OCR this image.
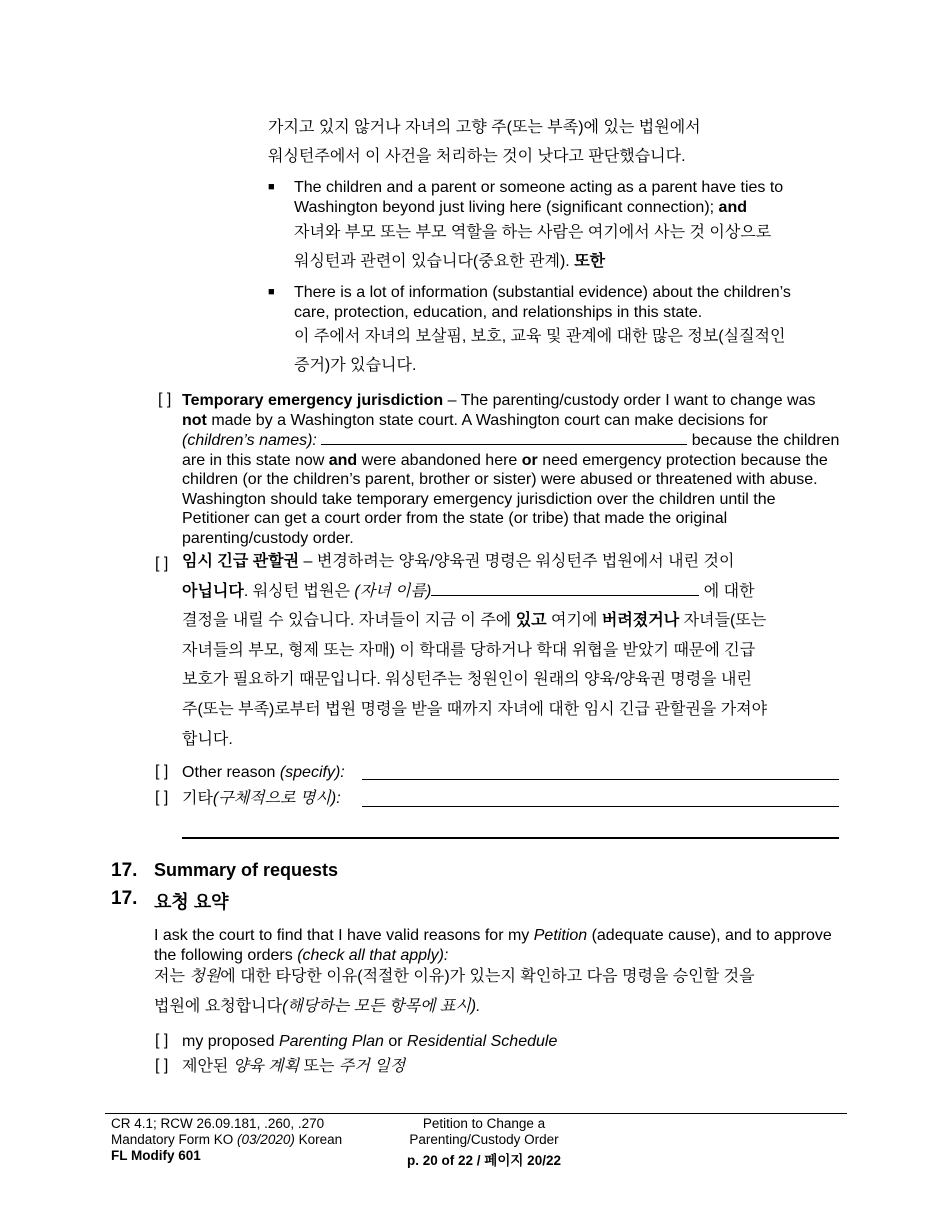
가지고 있지 않거나 자녀의 고향 주(또는 부족)에 있는 법원에서
워싱턴주에서 이 사건을 처리하는 것이 낫다고 판단했습니다.
■ The children and a parent or someone acting as a parent have ties to Washington beyond just living here (significant connection); and
자녀와 부모 또는 부모 역할을 하는 사람은 여기에서 사는 것 이상으로
워싱턴과 관련이 있습니다(중요한 관계). 또한
■ There is a lot of information (substantial evidence) about the children’s care, protection, education, and relationships in this state.
이 주에서 자녀의 보살핌, 보호, 교육 및 관계에 대한 많은 정보(실질적인
증거)가 있습니다.
[ ] Temporary emergency jurisdiction – The parenting/custody order I want to change was not made by a Washington state court. A Washington court can make decisions for (children’s names):	because the children are in this state now and were abandoned here or need emergency protection because the children (or the children’s parent, brother or sister) were abused or threatened with abuse. Washington should take temporary emergency jurisdiction over the children until the Petitioner can get a court order from the state (or tribe) that made the original parenting/custody order.
[ ] 임시 긴급 관할권 – 변경하려는 양육/양육권 명령은 워싱턴주 법원에서 내린 것이
아닙니다. 워싱턴 법원은 (자녀 이름)	에 대한
결정을 내릴 수 있습니다. 자녀들이 지금 이 주에 있고 여기에 버려졌거나 자녀들(또는
자녀들의 부모, 형제 또는 자매) 이 학대를 당하거나 학대 위협을 받았기 때문에 긴급
보호가 필요하기 때문입니다. 워싱턴주는 청원인이 원래의 양육/양육권 명령을 내린
주(또는 부족)로부터 법원 명령을 받을 때까지 자녀에 대한 임시 긴급 관할권을 가져야
합니다.
[ ] Other reason (specify):
[ ] 기타(구체적으로 명시):
17. Summary of requests
17. 요청 요약
I ask the court to find that I have valid reasons for my Petition (adequate cause), and to approve the following orders (check all that apply):
저는 청원에 대한 타당한 이유(적절한 이유)가 있는지 확인하고 다음 명령을 승인할 것을
법원에 요청합니다(해당하는 모든 항목에 표시).
[ ] my proposed Parenting Plan or Residential Schedule
[ ] 제안된 양육 계획 또는 주거 일정
CR 4.1; RCW 26.09.181, .260, .270
Mandatory Form KO (03/2020) Korean
FL Modify 601
Petition to Change a
Parenting/Custody Order
p. 20 of 22 / 페이지 20/22
